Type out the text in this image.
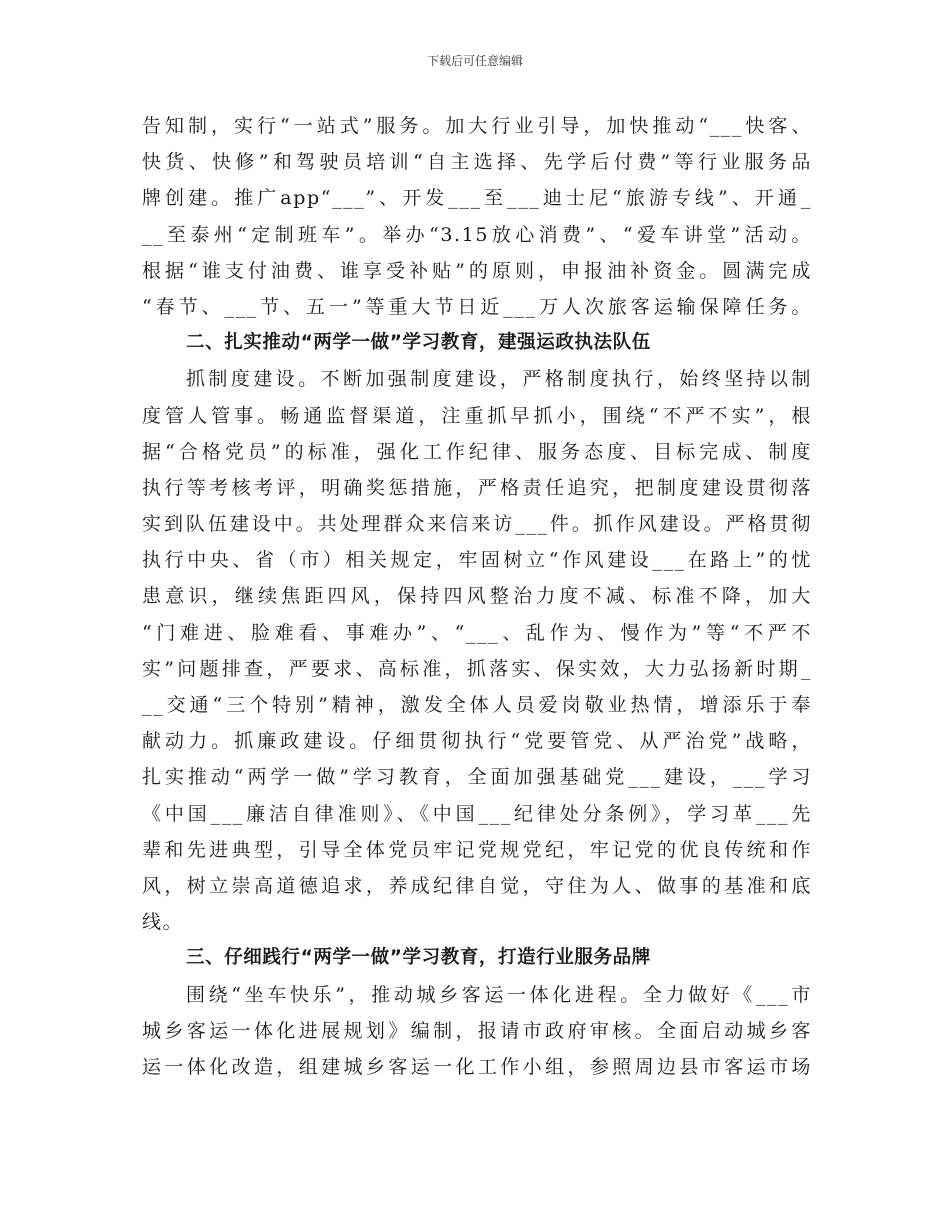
下载后可任意编辑
告知制，实行“一站式”服务。加大行业引导，加快推动“___快客、
快货、快修”和驾驶员培训“自主选择、先学后付费”等行业服务品
牌创建。推广app“___”、开发___至___迪士尼“旅游专线”、开通_
__至泰州“定制班车”。举办“3.15放心消费”、“爱车讲堂”活动。
根据“谁支付油费、谁享受补贴”的原则，申报油补资金。圆满完成
“春节、___节、五一”等重大节日近___万人次旅客运输保障任务。
二、扎实推动“两学一做”学习教育，建强运政执法队伍
抓制度建设。不断加强制度建设，严格制度执行，始终坚持以制
度管人管事。畅通监督渠道，注重抓早抓小，围绕“不严不实”，根
据“合格党员”的标准，强化工作纪律、服务态度、目标完成、制度
执行等考核考评，明确奖惩措施，严格责任追究，把制度建设贯彻落
实到队伍建设中。共处理群众来信来访___件。抓作风建设。严格贯彻
执行中央、省（市）相关规定，牢固树立“作风建设___在路上”的忧
患意识，继续焦距四风，保持四风整治力度不减、标准不降，加大
“门难进、脸难看、事难办”、“___、乱作为、慢作为”等“不严不
实”问题排查，严要求、高标准，抓落实、保实效，大力弘扬新时期_
__交通“三个特别”精神，激发全体人员爱岗敬业热情，增添乐于奉
献动力。抓廉政建设。仔细贯彻执行“党要管党、从严治党”战略，
扎实推动“两学一做”学习教育，全面加强基础党___建设，___学习
《中国___廉洁自律准则》、《中国___纪律处分条例》，学习革___先
辈和先进典型，引导全体党员牢记党规党纪，牢记党的优良传统和作
风，树立崇高道德追求，养成纪律自觉，守住为人、做事的基准和底
线。
三、仔细践行“两学一做”学习教育，打造行业服务品牌
围绕“坐车快乐”，推动城乡客运一体化进程。全力做好《___市
城乡客运一体化进展规划》编制，报请市政府审核。全面启动城乡客
运一体化改造，组建城乡客运一化工作小组，参照周边县市客运市场
